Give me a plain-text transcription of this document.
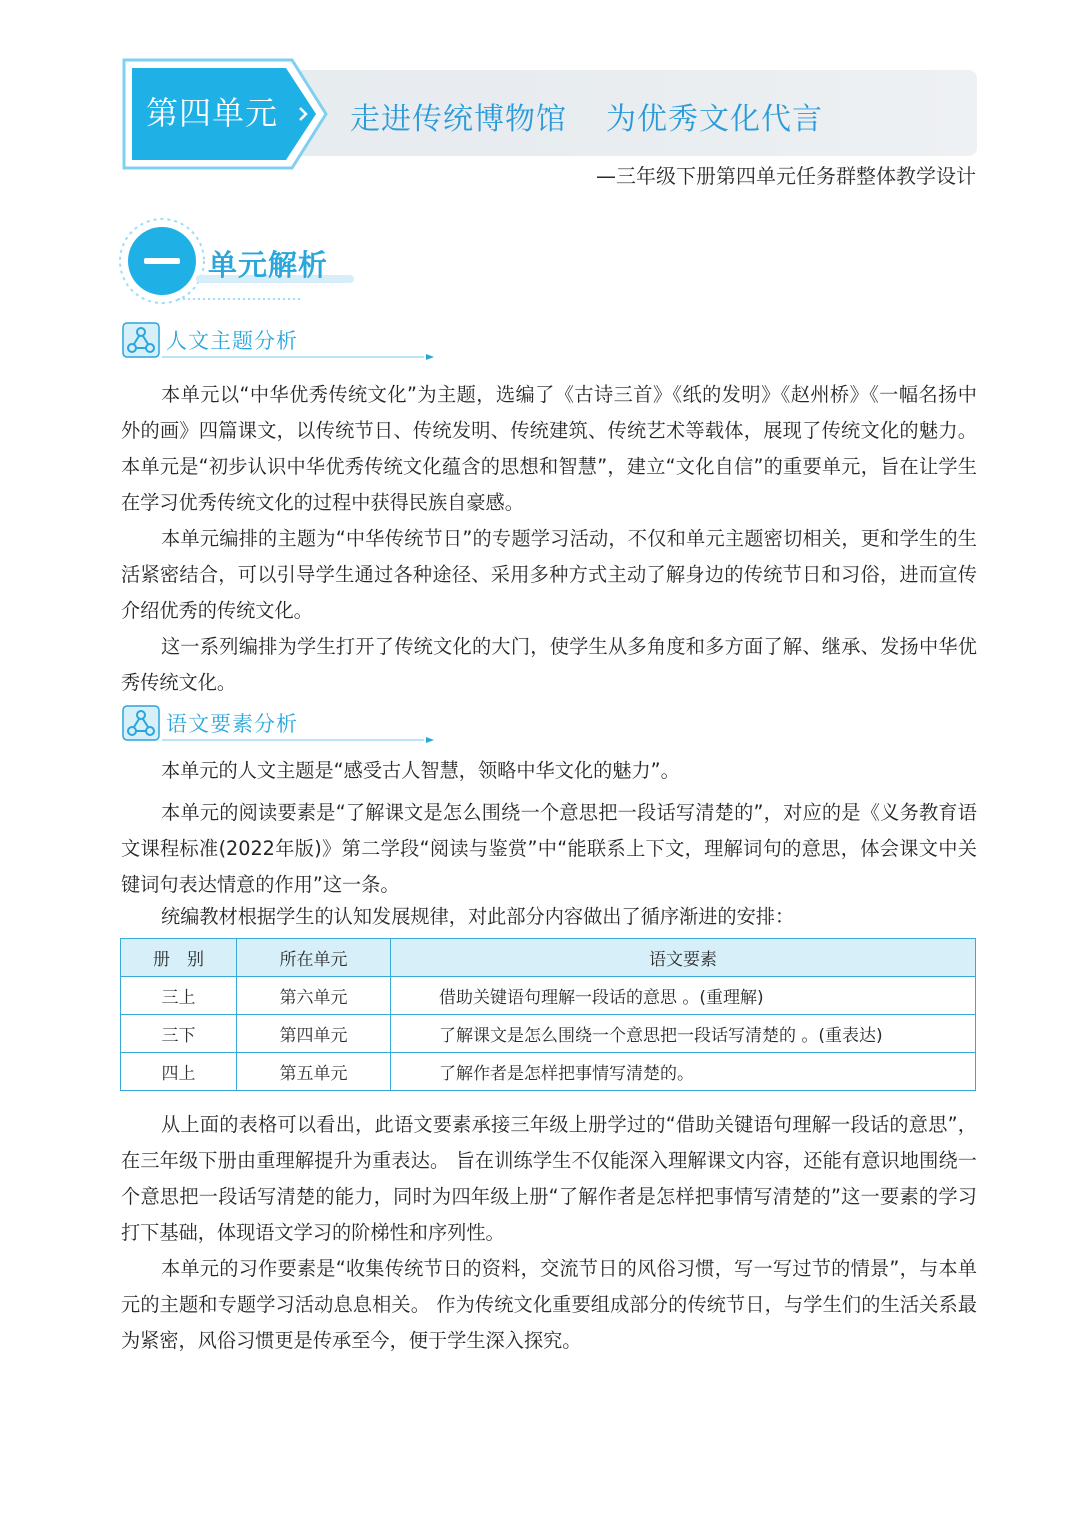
第四单元 走进传统博物馆 为优秀文化代言
—三年级下册第四单元任务群整体教学设计
单元解析
人文主题分析

本单元以“中华优秀传统文化”为主题，选编了《古诗三首》《纸的发明》《赵州桥》《一幅名扬中外的画》四篇课文，以传统节日、传统发明、传统建筑、传统艺术等载体，展现了传统文化的魅力。本单元是“初步认识中华优秀传统文化蕴含的思想和智慧”，建立“文化自信”的重要单元，旨在让学生在学习优秀传统文化的过程中获得民族自豪感。

本单元编排的主题为“中华传统节日”的专题学习活动，不仅和单元主题密切相关，更和学生的生活紧密结合，可以引导学生通过各种途径、采用多种方式主动了解身边的传统节日和习俗，进而宣传介绍优秀的传统文化。

这一系列编排为学生打开了传统文化的大门，使学生从多角度和多方面了解、继承、发扬中华优秀传统文化。

语文要素分析

本单元的人文主题是“感受古人智慧，领略中华文化的魅力”。

本单元的阅读要素是“了解课文是怎么围绕一个意思把一段话写清楚的”，对应的是《义务教育语文课程标准(2022年版)》第二学段“阅读与鉴赏”中“能联系上下文，理解词句的意思，体会课文中关键词句表达情意的作用”这一条。

统编教材根据学生的认知发展规律，对此部分内容做出了循序渐进的安排：

册　别	所在单元	语文要素
三上	第六单元	借助关键语句理解一段话的意思 。(重理解)

三下	第四单元	了解课文是怎么围绕一个意思把一段话写清楚的 。(重表达)

四上	第五单元	了解作者是怎样把事情写清楚的。

从上面的表格可以看出，此语文要素承接三年级上册学过的“借助关键语句理解一段话的意思”，在三年级下册由重理解提升为重表达。 旨在训练学生不仅能深入理解课文内容，还能有意识地围绕一个意思把一段话写清楚的能力，同时为四年级上册“了解作者是怎样把事情写清楚的”这一要素的学习打下基础，体现语文学习的阶梯性和序列性。

本单元的习作要素是“收集传统节日的资料，交流节日的风俗习惯，写一写过节的情景”，与本单元的主题和专题学习活动息息相关。 作为传统文化重要组成部分的传统节日，与学生们的生活关系最为紧密，风俗习惯更是传承至今，便于学生深入探究。
